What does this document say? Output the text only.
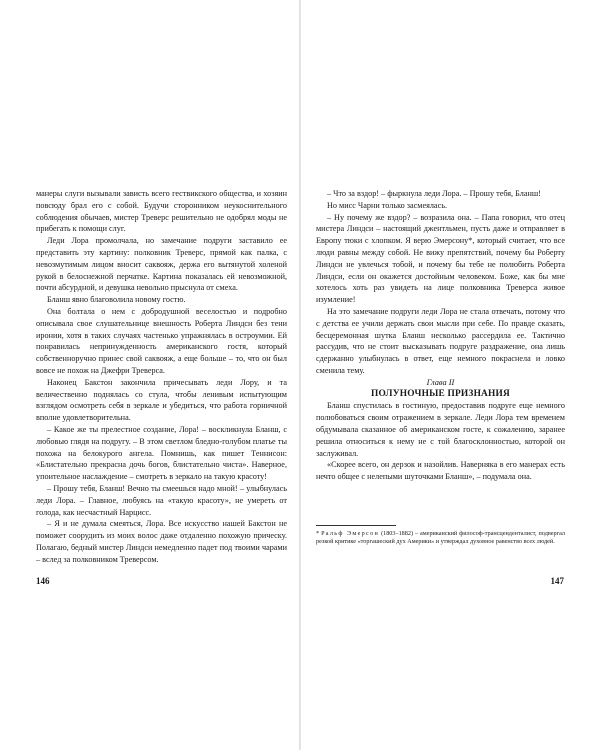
манеры слуги вызывали зависть всего гествикского общества, и хозяин повсюду брал его с собой. Будучи сторонником неукоснительного соблюдения обычаев, мистер Треверс решительно не одобрял моды не прибегать к помощи слуг.

Леди Лора промолчала, но замечание подруги заставило ее представить эту картину: полковник Треверс, прямой как палка, с невозмутимым лицом вносит саквояж, держа его вытянутой холеной рукой в белоснежной перчатке. Картина показалась ей невозможной, почти абсурдной, и девушка невольно прыснула от смеха.

Бланш явно благоволила новому гостю.

Она болтала о нем с добродушной веселостью и подробно описывала свое слушательнице внешность Роберта Линдси без тени иронии, хотя в таких случаях частенько упражнялась в остроумии. Ей понравилась непринужденность американского гостя, который собственноручно принес свой саквояж, а еще больше – то, что он был вовсе не похож на Джефри Треверса.

Наконец Бакстон закончила причесывать леди Лору, и та величественно поднялась со стула, чтобы ленивым испытующим взглядом осмотреть себя в зеркале и убедиться, что работа горничной вполне удовлетворительна.

– Какое же ты прелестное создание, Лора! – воскликнула Бланш, с любовью глядя на подругу. – В этом светлом бледно-голубом платье ты похожа на белокурого ангела. Помнишь, как пишет Теннисон: «Блистательно прекрасна дочь богов, блистательно чиста». Наверное, упоительное наслаждение – смотреть в зеркало на такую красоту!

– Прошу тебя, Бланш! Вечно ты смеешься надо мной! – улыбнулась леди Лора. – Главное, любуясь на «такую красоту», не умереть от голода, как несчастный Нарцисс.

– Я и не думала смеяться, Лора. Все искусство нашей Бакстон не поможет соорудить из моих волос даже отдаленно похожую прическу. Полагаю, бедный мистер Линдси немедленно падет под твоими чарами – вслед за полковником Треверсом.

– Что за вздор! – фыркнула леди Лора. – Прошу тебя, Бланш!

Но мисс Чарни только засмеялась.

– Ну почему же вздор? – возразила она. – Папа говорил, что отец мистера Линдси – настоящий джентльмен, пусть даже и отправляет в Европу тюки с хлопком. Я верю Эмерсону*, который считает, что все люди равны между собой. Не вижу препятствий, почему бы Роберту Линдси не увлечься тобой, и почему бы тебе не полюбить Роберта Линдси, если он окажется достойным человеком. Боже, как бы мне хотелось хоть раз увидеть на лице полковника Треверса живое изумление!

На это замечание подруги леди Лора не стала отвечать, потому что с детства ее учили держать свои мысли при себе. По правде сказать, бесцеремонная шутка Бланш несколько рассердила ее. Тактично рассудив, что не стоит высказывать подруге раздражение, она лишь сдержанно улыбнулась в ответ, еще немного покраснела и ловко сменила тему.

Глава II

ПОЛУНОЧНЫЕ ПРИЗНАНИЯ

Бланш спустилась в гостиную, предоставив подруге еще немного полюбоваться своим отражением в зеркале. Леди Лора тем временем обдумывала сказанное об американском госте, к сожалению, заранее решила относиться к нему не с той благосклонностью, которой он заслуживал.

«Скорее всего, он дерзок и назойлив. Наверняка в его манерах есть нечто общее с нелепыми шуточками Бланш», – подумала она.

* Ральф Эмерсон (1803–1882) – американский философ-трансценденталист, подвергал резкой критике «торгашеский дух Америки» и утверждал духовное равенство всех людей.
146	147
